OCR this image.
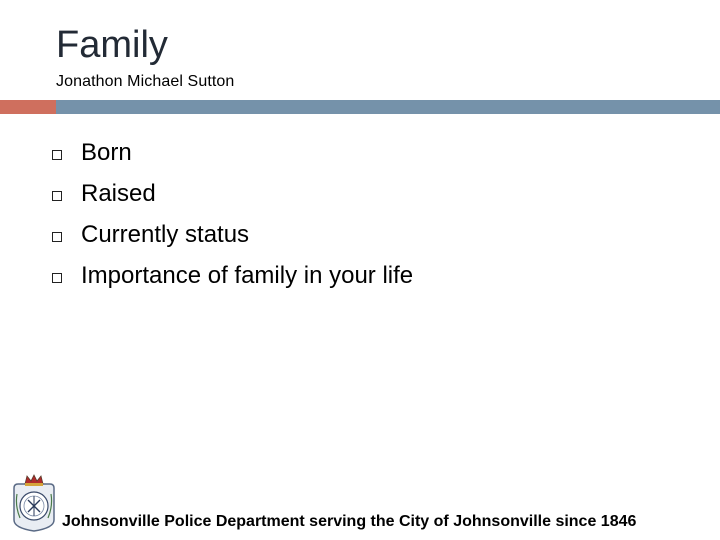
Family
Jonathon Michael Sutton
Born
Raised
Currently status
Importance of family in your life
Johnsonville Police Department serving the City of Johnsonville since 1846
